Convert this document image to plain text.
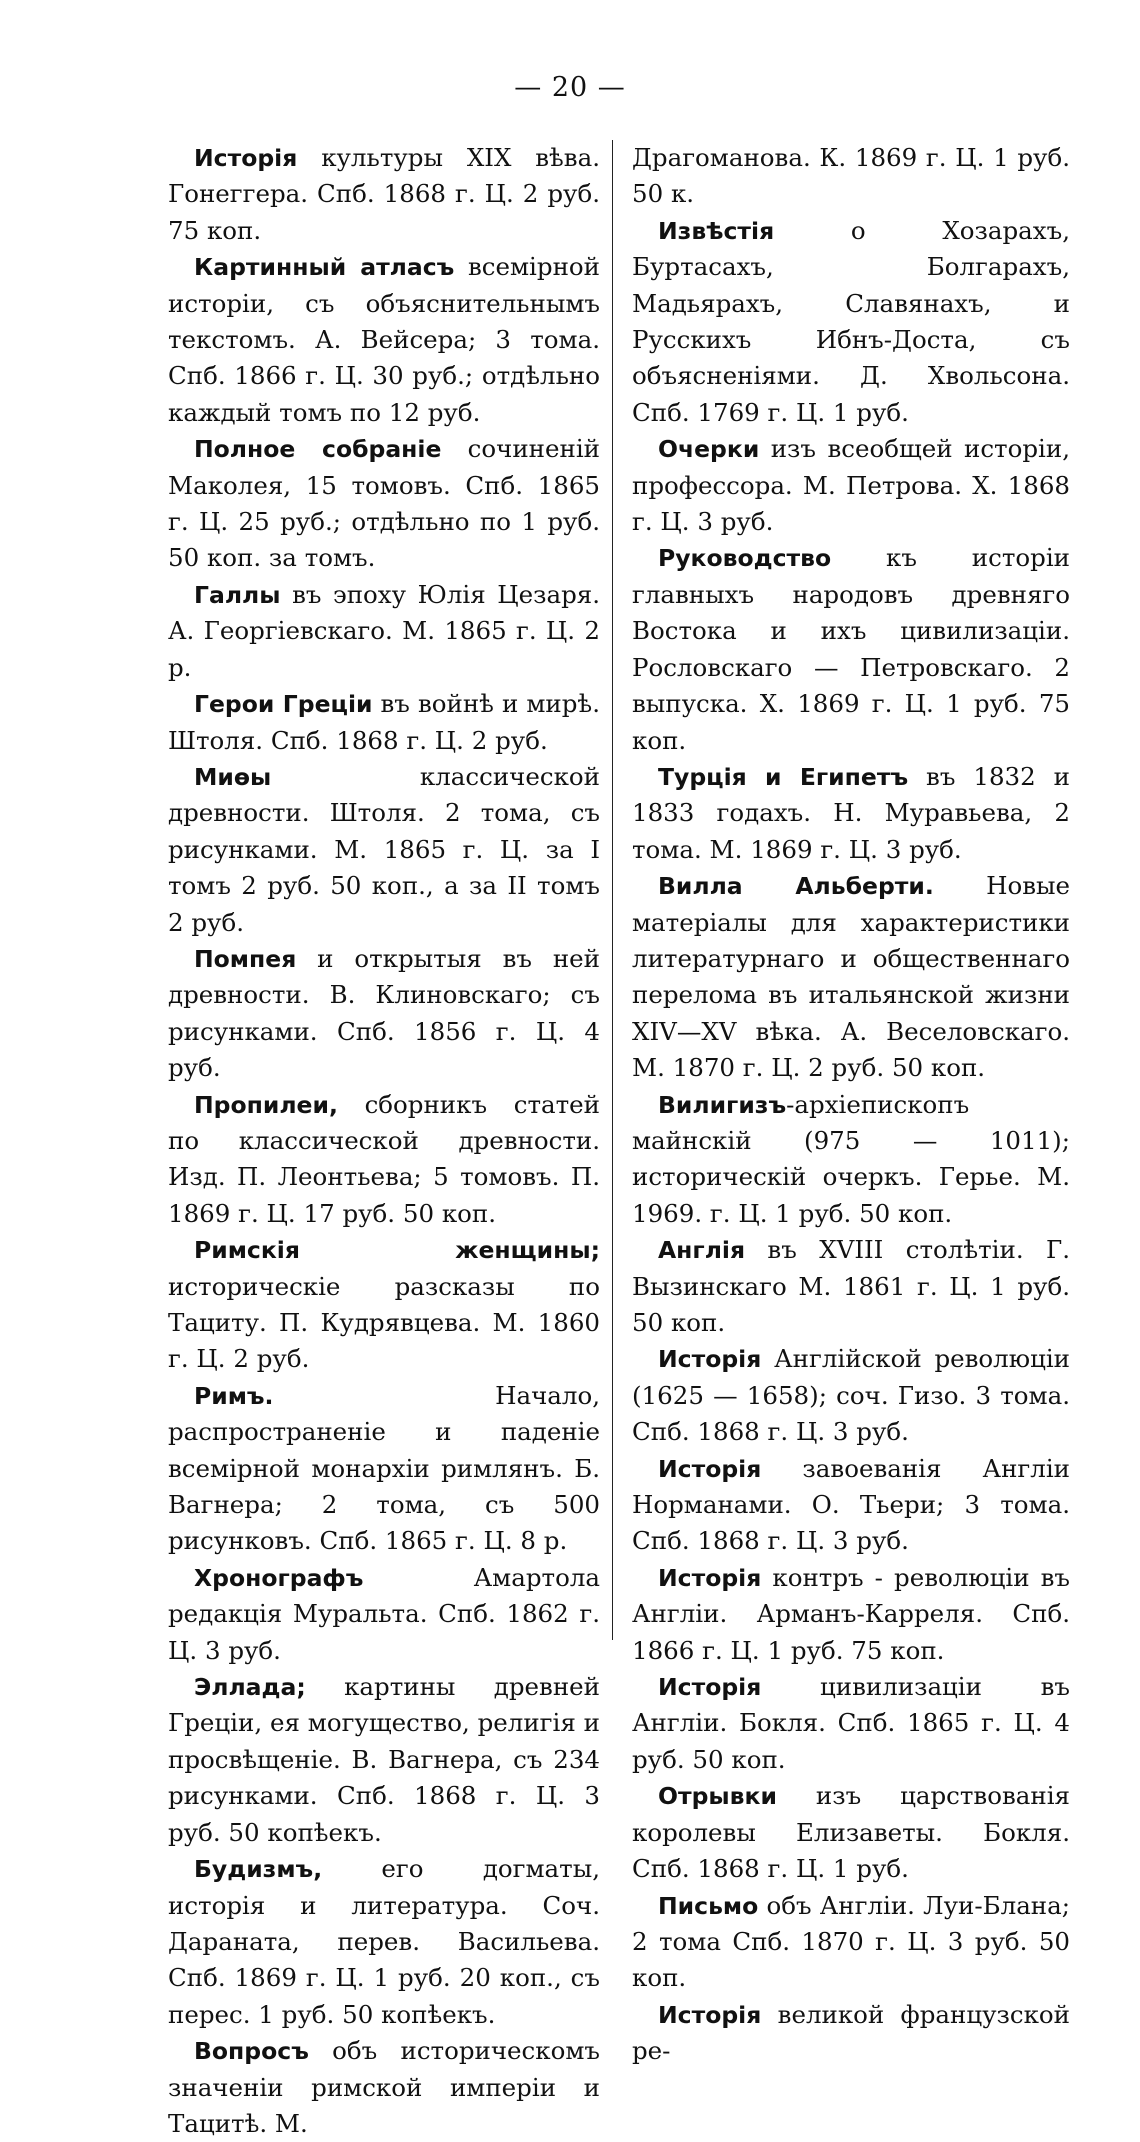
— 20 —

Исторія культуры XIX вѣва. Гонеггера. Спб. 1868 г. Ц. 2 руб. 75 коп.

Картинный атласъ всемірной исторіи, съ объяснительнымъ текстомъ. А. Вейсера; 3 тома. Спб. 1866 г. Ц. 30 руб.; отдѣльно каждый томъ по 12 руб.

Полное собраніе сочиненій Маколея, 15 томовъ. Спб. 1865 г. Ц. 25 руб.; отдѣльно по 1 руб. 50 коп. за томъ.

Галлы въ эпоху Юлія Цезаря. А. Георгіевскаго. М. 1865 г. Ц. 2 р.

Герои Греціи въ войнѣ и мирѣ. Штоля. Спб. 1868 г. Ц. 2 руб.

Миѳы классической древности. Штоля. 2 тома, съ рисунками. М. 1865 г. Ц. за I томъ 2 руб. 50 коп., а за II томъ 2 руб.

Помпея и открытыя въ ней древности. В. Клиновскаго; съ рисунками. Спб. 1856 г. Ц. 4 руб.

Пропилеи, сборникъ статей по классической древности. Изд. П. Леонтьева; 5 томовъ. П. 1869 г. Ц. 17 руб. 50 коп.

Римскія женщины; историческіе разсказы по Тациту. П. Кудрявцева. М. 1860 г. Ц. 2 руб.

Римъ. Начало, распространеніе и паденіе всемірной монархіи римлянъ. Б. Вагнера; 2 тома, съ 500 рисунковъ. Спб. 1865 г. Ц. 8 р.

Хронографъ Амартола редакція Муральта. Спб. 1862 г. Ц. 3 руб.

Эллада; картины древней Греціи, ея могущество, религія и просвѣщеніе. В. Вагнера, съ 234 рисунками. Спб. 1868 г. Ц. 3 руб. 50 копѣекъ.

Будизмъ, его догматы, исторія и литература. Соч. Дараната, перев. Васильева. Спб. 1869 г. Ц. 1 руб. 20 коп., съ перес. 1 руб. 50 копѣекъ.

Вопросъ объ историческомъ значеніи римской имперіи и Тацитѣ. М.

Драгоманова. К. 1869 г. Ц. 1 руб. 50 к.

Извѣстія о Хозарахъ, Буртасахъ, Болгарахъ, Мадьярахъ, Славянахъ, и Русскихъ Ибнъ-Доста, съ объясненіями. Д. Хвольсона. Спб. 1769 г. Ц. 1 руб.

Очерки изъ всеобщей исторіи, профессора. М. Петрова. Х. 1868 г. Ц. 3 руб.

Руководство къ исторіи главныхъ народовъ древняго Востока и ихъ цивилизаціи. Рословскаго — Петровскаго. 2 выпуска. Х. 1869 г. Ц. 1 руб. 75 коп.

Турція и Египетъ въ 1832 и 1833 годахъ. Н. Муравьева, 2 тома. М. 1869 г. Ц. 3 руб.

Вилла Альберти. Новые матеріалы для характеристики литературнаго и общественнаго перелома въ итальянской жизни XIV—XV вѣка. А. Веселовскаго. М. 1870 г. Ц. 2 руб. 50 коп.

Вилигизъ-архіепископъ майнскій (975 — 1011); историческій очеркъ. Герье. М. 1969. г. Ц. 1 руб. 50 коп.

Англія въ XVIII столѣтіи. Г. Вызинскаго М. 1861 г. Ц. 1 руб. 50 коп.

Исторія Англійской революціи (1625 — 1658); соч. Гизо. 3 тома. Спб. 1868 г. Ц. 3 руб.

Исторія завоеванія Англіи Норманами. О. Тьери; 3 тома. Спб. 1868 г. Ц. 3 руб.

Исторія контръ - революціи въ Англіи. Арманъ-Карреля. Спб. 1866 г. Ц. 1 руб. 75 коп.

Исторія цивилизаціи въ Англіи. Бокля. Спб. 1865 г. Ц. 4 руб. 50 коп.

Отрывки изъ царствованія королевы Елизаветы. Бокля. Спб. 1868 г. Ц. 1 руб.

Письмо объ Англіи. Луи-Блана; 2 тома Спб. 1870 г. Ц. 3 руб. 50 коп.

Исторія великой французской ре-
